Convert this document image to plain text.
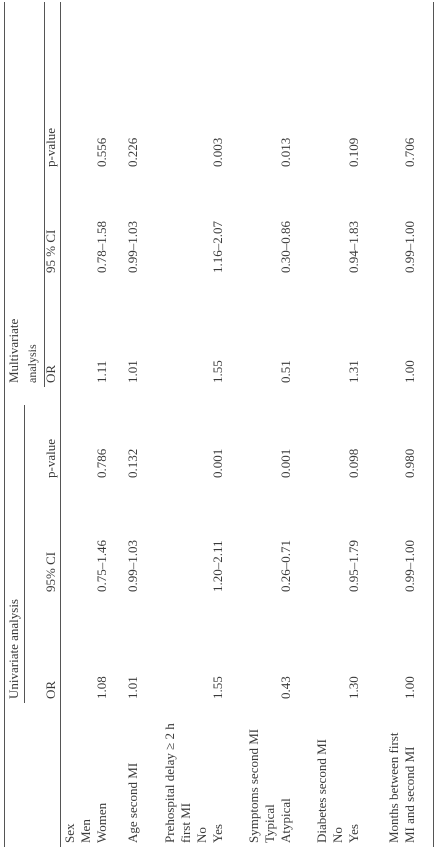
Univariate analysis
Multivariate analysis
OR
95% CI
p-value
OR
95 % CI
p-value
Sex Men Women
1.08
0.75–1.46
0.786
1.11
0.78–1.58
0.556
Age second MI
1.01
0.99–1.03
0.132
1.01
0.99–1.03
0.226
Prehospital delay ≥ 2 h first MI No Yes
1.55
1.20–2.11
0.001
1.55
1.16–2.07
0.003
Symptoms second MI Typical Atypical
0.43
0.26–0.71
0.001
0.51
0.30–0.86
0.013
Diabetes second MI No Yes
1.30
0.95–1.79
0.098
1.31
0.94–1.83
0.109
Months between first MI and second MI
1.00
0.99–1.00
0.980
1.00
0.99–1.00
0.706
